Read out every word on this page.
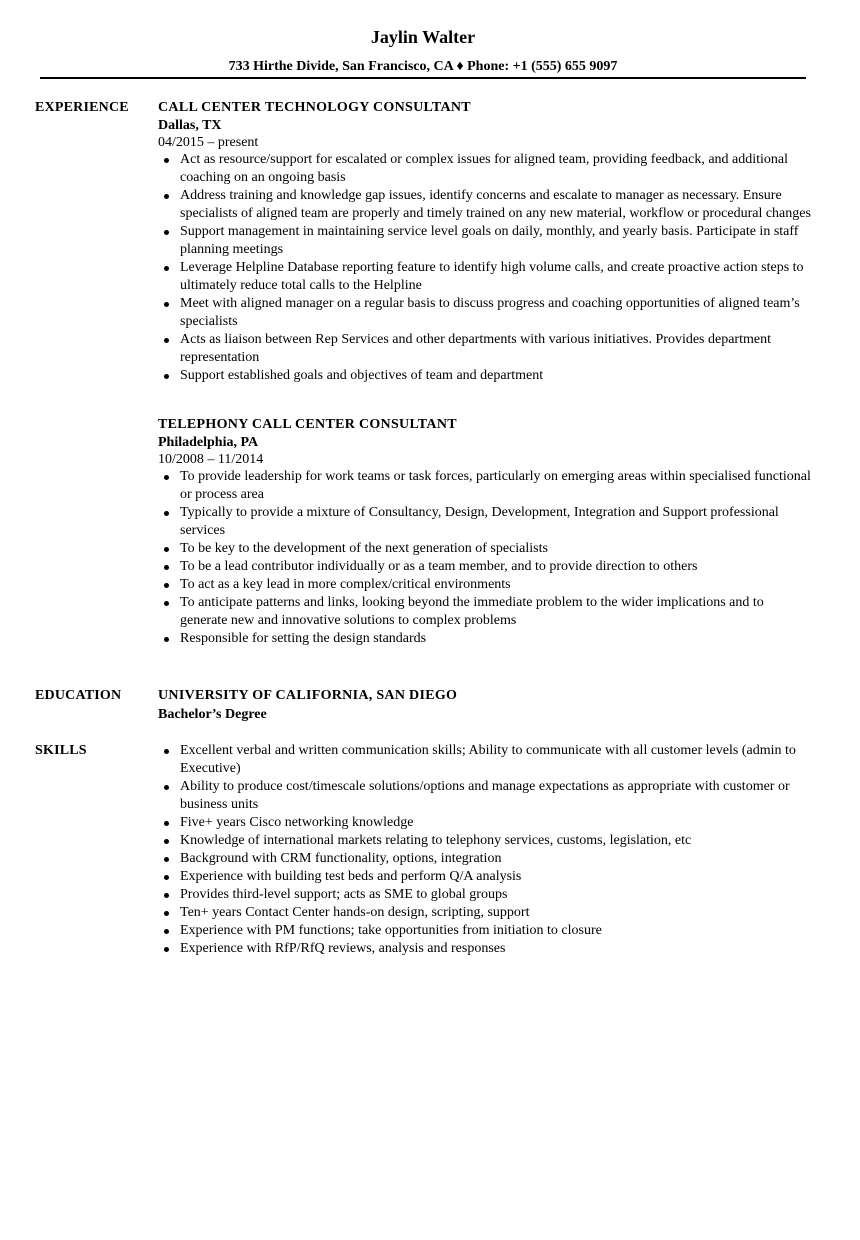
Jaylin Walter
733 Hirthe Divide, San Francisco, CA ♦ Phone: +1 (555) 655 9097
EXPERIENCE	CALL CENTER TECHNOLOGY CONSULTANT
Dallas, TX
04/2015 – present
Act as resource/support for escalated or complex issues for aligned team, providing feedback, and additional coaching on an ongoing basis
Address training and knowledge gap issues, identify concerns and escalate to manager as necessary. Ensure specialists of aligned team are properly and timely trained on any new material, workflow or procedural changes
Support management in maintaining service level goals on daily, monthly, and yearly basis. Participate in staff planning meetings
Leverage Helpline Database reporting feature to identify high volume calls, and create proactive action steps to ultimately reduce total calls to the Helpline
Meet with aligned manager on a regular basis to discuss progress and coaching opportunities of aligned team’s specialists
Acts as liaison between Rep Services and other departments with various initiatives. Provides department representation
Support established goals and objectives of team and department
TELEPHONY CALL CENTER CONSULTANT
Philadelphia, PA
10/2008 – 11/2014
To provide leadership for work teams or task forces, particularly on emerging areas within specialised functional or process area
Typically to provide a mixture of Consultancy, Design, Development, Integration and Support professional services
To be key to the development of the next generation of specialists
To be a lead contributor individually or as a team member, and to provide direction to others
To act as a key lead in more complex/critical environments
To anticipate patterns and links, looking beyond the immediate problem to the wider implications and to generate new and innovative solutions to complex problems
Responsible for setting the design standards
EDUCATION	UNIVERSITY OF CALIFORNIA, SAN DIEGO
Bachelor’s Degree
SKILLS	Excellent verbal and written communication skills; Ability to communicate with all customer levels (admin to Executive)
Ability to produce cost/timescale solutions/options and manage expectations as appropriate with customer or business units
Five+ years Cisco networking knowledge
Knowledge of international markets relating to telephony services, customs, legislation, etc
Background with CRM functionality, options, integration
Experience with building test beds and perform Q/A analysis
Provides third-level support; acts as SME to global groups
Ten+ years Contact Center hands-on design, scripting, support
Experience with PM functions; take opportunities from initiation to closure
Experience with RfP/RfQ reviews, analysis and responses
